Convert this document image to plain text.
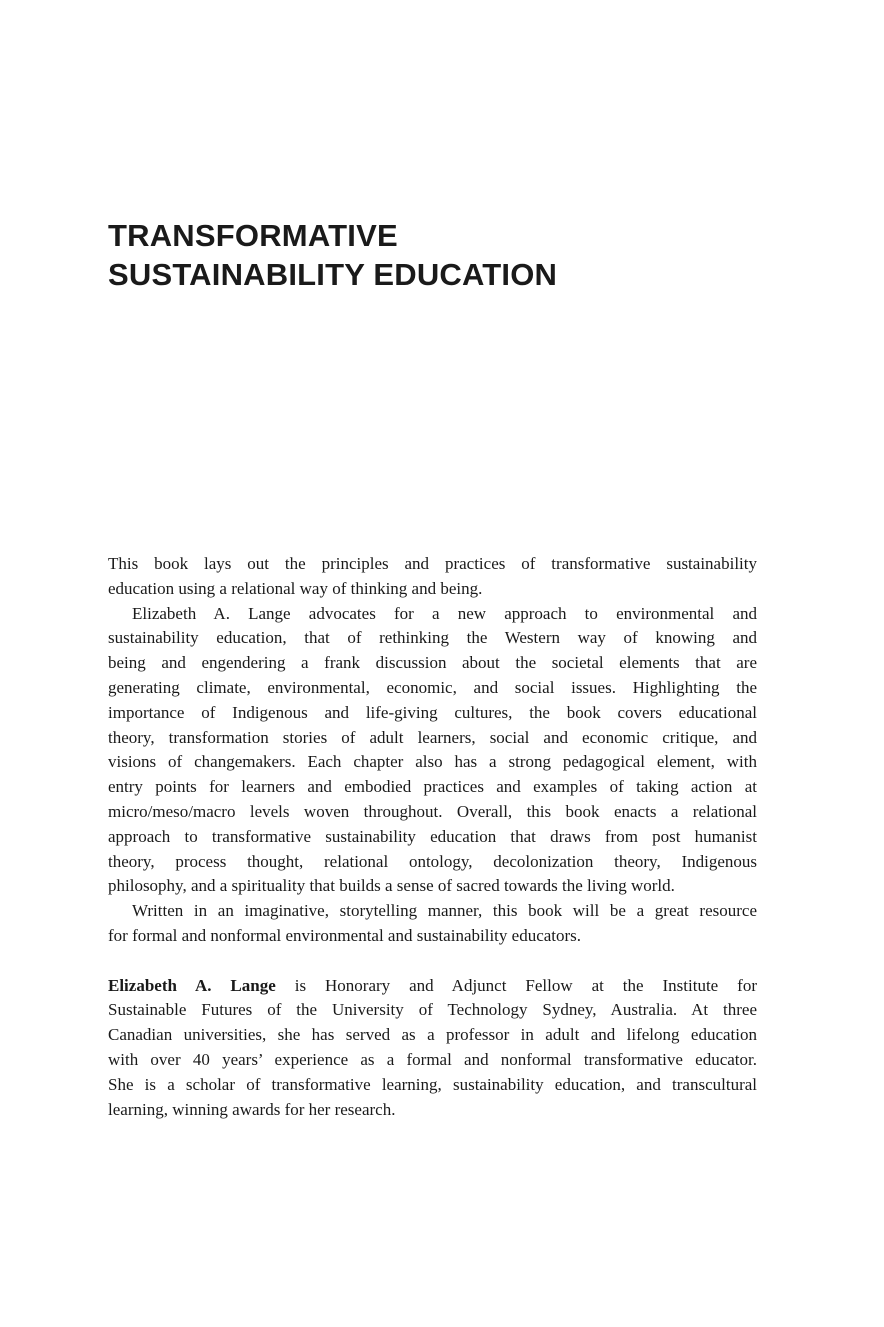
TRANSFORMATIVE
SUSTAINABILITY EDUCATION
This book lays out the principles and practices of transformative sustainability
education using a relational way of thinking and being.
Elizabeth A. Lange advocates for a new approach to environmental and
sustainability education, that of rethinking the Western way of knowing and
being and engendering a frank discussion about the societal elements that are
generating climate, environmental, economic, and social issues. Highlighting the
importance of Indigenous and life-giving cultures, the book covers educational
theory, transformation stories of adult learners, social and economic critique, and
visions of changemakers. Each chapter also has a strong pedagogical element, with
entry points for learners and embodied practices and examples of taking action at
micro/meso/macro levels woven throughout. Overall, this book enacts a relational
approach to transformative sustainability education that draws from post humanist
theory, process thought, relational ontology, decolonization theory, Indigenous
philosophy, and a spirituality that builds a sense of sacred towards the living world.
Written in an imaginative, storytelling manner, this book will be a great resource
for formal and nonformal environmental and sustainability educators.
Elizabeth A. Lange is Honorary and Adjunct Fellow at the Institute for
Sustainable Futures of the University of Technology Sydney, Australia. At three
Canadian universities, she has served as a professor in adult and lifelong education
with over 40 years’ experience as a formal and nonformal transformative educator.
She is a scholar of transformative learning, sustainability education, and transcultural
learning, winning awards for her research.
